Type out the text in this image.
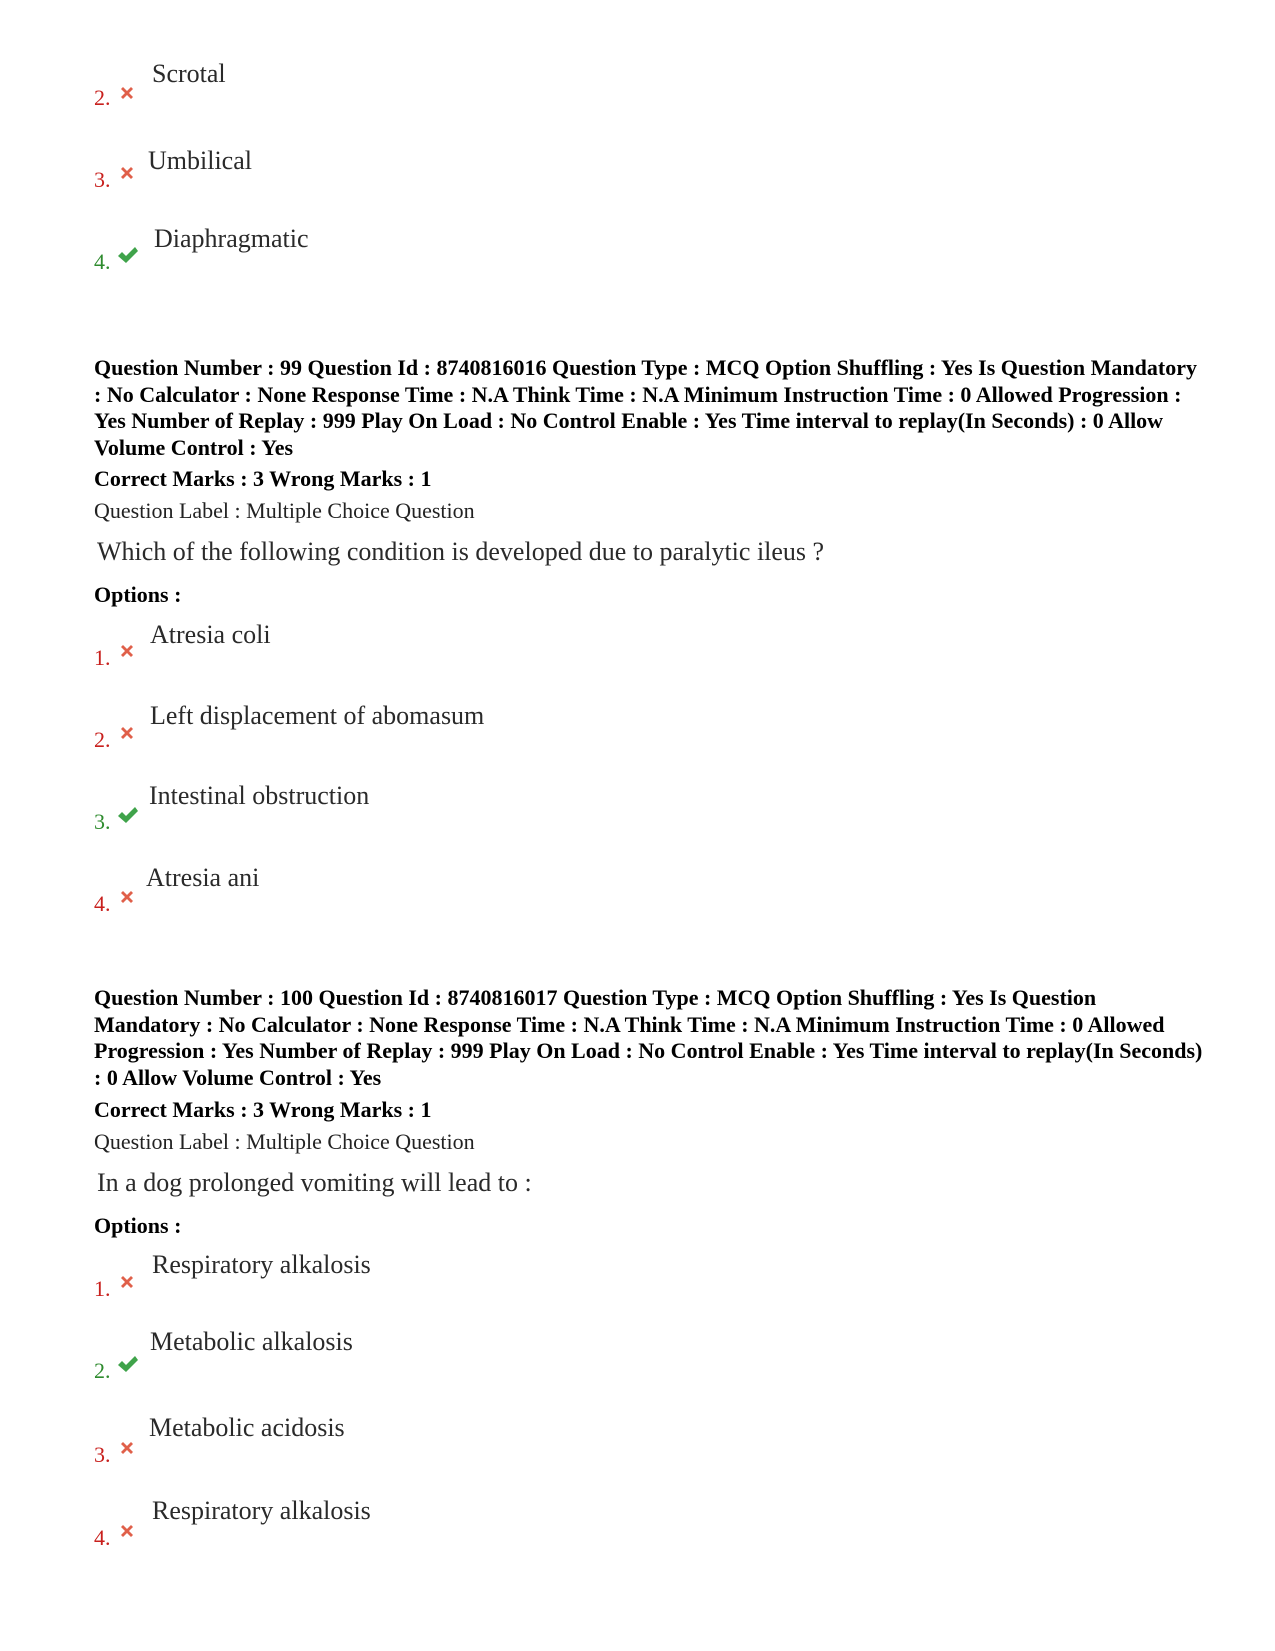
2.
Scrotal
3.
Umbilical
4.
Diaphragmatic
Question Number : 99 Question Id : 8740816016 Question Type : MCQ Option Shuffling : Yes Is Question Mandatory : No Calculator : None Response Time : N.A Think Time : N.A Minimum Instruction Time : 0 Allowed Progression : Yes Number of Replay : 999 Play On Load : No Control Enable : Yes Time interval to replay(In Seconds) : 0 Allow Volume Control : Yes
Correct Marks : 3 Wrong Marks : 1
Question Label : Multiple Choice Question
Which of the following condition is developed due to paralytic ileus ?
Options :
1.
Atresia coli
2.
Left displacement of abomasum
3.
Intestinal obstruction
4.
Atresia ani
Question Number : 100 Question Id : 8740816017 Question Type : MCQ Option Shuffling : Yes Is Question Mandatory : No Calculator : None Response Time : N.A Think Time : N.A Minimum Instruction Time : 0 Allowed Progression : Yes Number of Replay : 999 Play On Load : No Control Enable : Yes Time interval to replay(In Seconds) : 0 Allow Volume Control : Yes
Correct Marks : 3 Wrong Marks : 1
Question Label : Multiple Choice Question
In a dog prolonged vomiting will lead to :
Options :
1.
Respiratory alkalosis
2.
Metabolic alkalosis
3.
Metabolic acidosis
4.
Respiratory alkalosis
